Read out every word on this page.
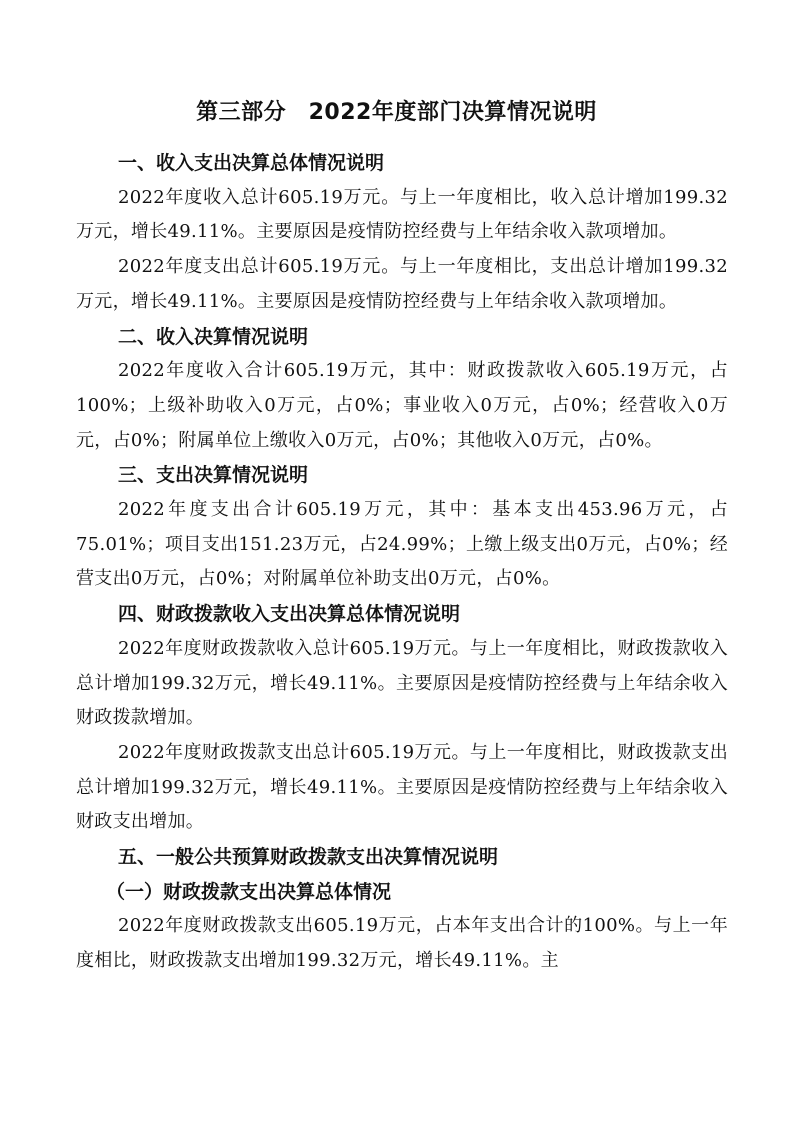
第三部分　2022年度部门决算情况说明

一、收入支出决算总体情况说明

2022年度收入总计605.19万元。与上一年度相比，收入总计增加199.32万元，增长49.11%。主要原因是疫情防控经费与上年结余收入款项增加。

2022年度支出总计605.19万元。与上一年度相比，支出总计增加199.32万元，增长49.11%。主要原因是疫情防控经费与上年结余收入款项增加。

二、收入决算情况说明

2022年度收入合计605.19万元，其中：财政拨款收入605.19万元，占100%；上级补助收入0万元，占0%；事业收入0万元，占0%；经营收入0万元，占0%；附属单位上缴收入0万元，占0%；其他收入0万元，占0%。

三、支出决算情况说明

2022年度支出合计605.19万元，其中：基本支出453.96万元，占75.01%；项目支出151.23万元，占24.99%；上缴上级支出0万元，占0%；经营支出0万元，占0%；对附属单位补助支出0万元，占0%。

四、财政拨款收入支出决算总体情况说明

2022年度财政拨款收入总计605.19万元。与上一年度相比，财政拨款收入总计增加199.32万元，增长49.11%。主要原因是疫情防控经费与上年结余收入财政拨款增加。

2022年度财政拨款支出总计605.19万元。与上一年度相比，财政拨款支出总计增加199.32万元，增长49.11%。主要原因是疫情防控经费与上年结余收入财政支出增加。

五、一般公共预算财政拨款支出决算情况说明

（一）财政拨款支出决算总体情况

2022年度财政拨款支出605.19万元，占本年支出合计的100%。与上一年度相比，财政拨款支出增加199.32万元，增长49.11%。主
